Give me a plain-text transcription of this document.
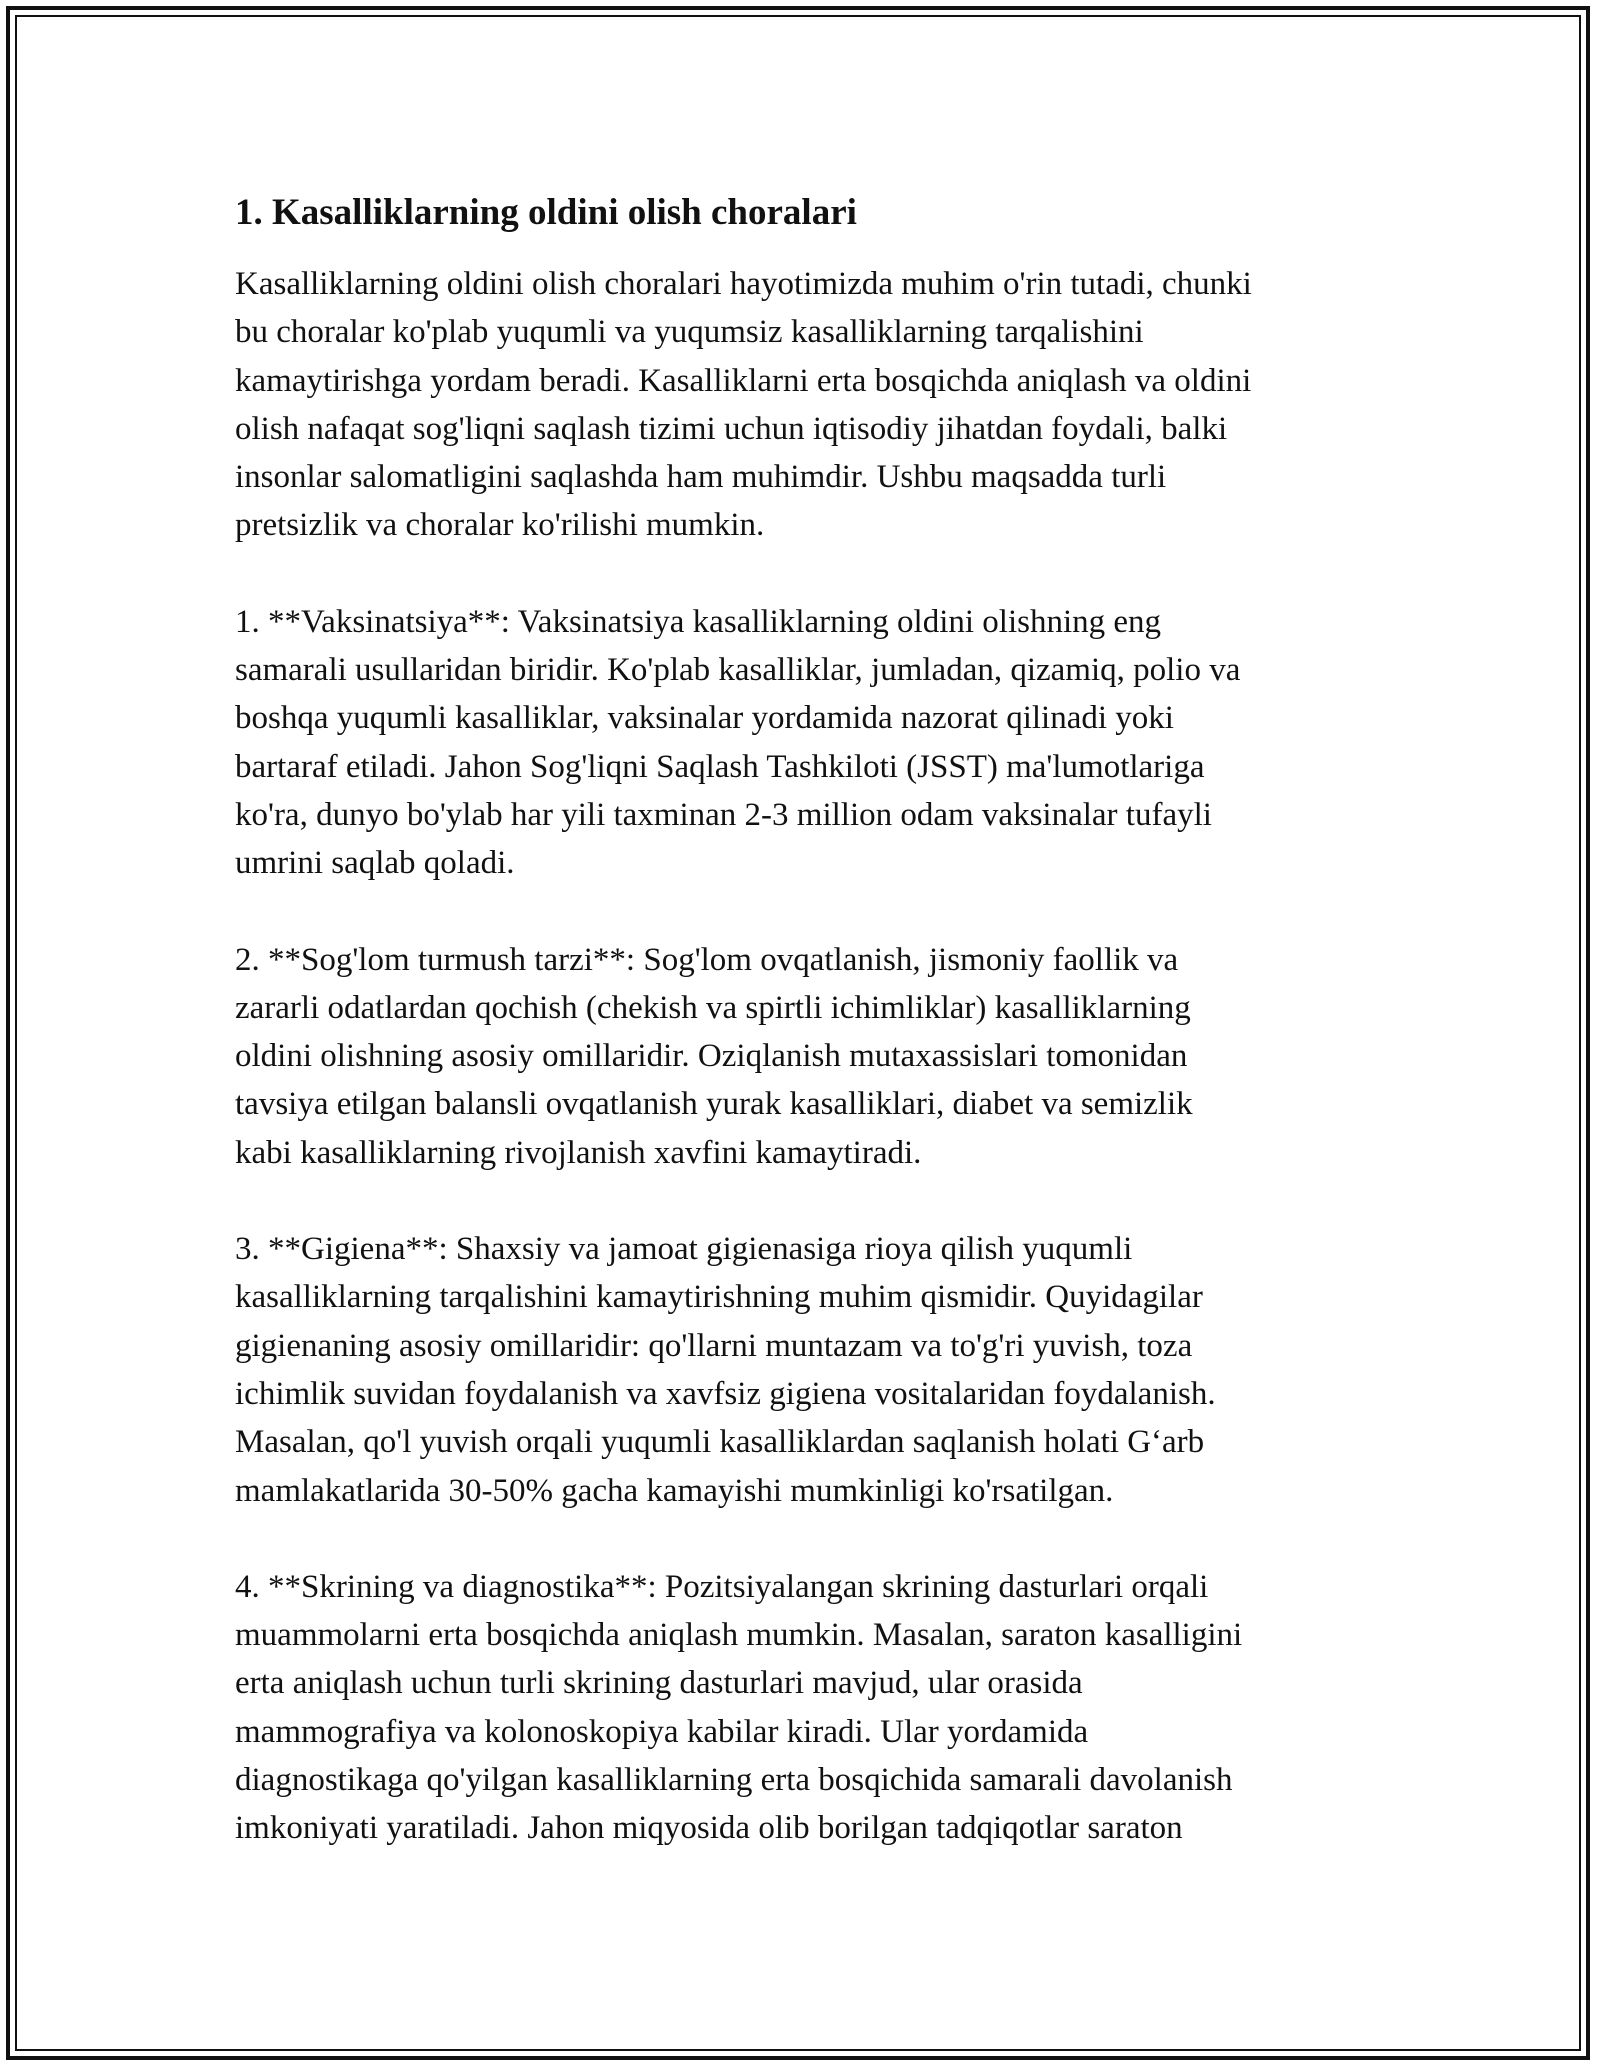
1. Kasalliklarning oldini olish choralari

Kasalliklarning oldini olish choralari hayotimizda muhim o'rin tutadi, chunki
bu choralar ko'plab yuqumli va yuqumsiz kasalliklarning tarqalishini
kamaytirishga yordam beradi. Kasalliklarni erta bosqichda aniqlash va oldini
olish nafaqat sog'liqni saqlash tizimi uchun iqtisodiy jihatdan foydali, balki
insonlar salomatligini saqlashda ham muhimdir. Ushbu maqsadda turli
pretsizlik va choralar ko'rilishi mumkin.

1. **Vaksinatsiya**: Vaksinatsiya kasalliklarning oldini olishning eng
samarali usullaridan biridir. Ko'plab kasalliklar, jumladan, qizamiq, polio va
boshqa yuqumli kasalliklar, vaksinalar yordamida nazorat qilinadi yoki
bartaraf etiladi. Jahon Sog'liqni Saqlash Tashkiloti (JSST) ma'lumotlariga
ko'ra, dunyo bo'ylab har yili taxminan 2-3 million odam vaksinalar tufayli
umrini saqlab qoladi.

2. **Sog'lom turmush tarzi**: Sog'lom ovqatlanish, jismoniy faollik va
zararli odatlardan qochish (chekish va spirtli ichimliklar) kasalliklarning
oldini olishning asosiy omillaridir. Oziqlanish mutaxassislari tomonidan
tavsiya etilgan balansli ovqatlanish yurak kasalliklari, diabet va semizlik
kabi kasalliklarning rivojlanish xavfini kamaytiradi.

3. **Gigiena**: Shaxsiy va jamoat gigienasiga rioya qilish yuqumli
kasalliklarning tarqalishini kamaytirishning muhim qismidir. Quyidagilar
gigienaning asosiy omillaridir: qo'llarni muntazam va to'g'ri yuvish, toza
ichimlik suvidan foydalanish va xavfsiz gigiena vositalaridan foydalanish.
Masalan, qo'l yuvish orqali yuqumli kasalliklardan saqlanish holati G‘arb
mamlakatlarida 30-50% gacha kamayishi mumkinligi ko'rsatilgan.

4. **Skrining va diagnostika**: Pozitsiyalangan skrining dasturlari orqali
muammolarni erta bosqichda aniqlash mumkin. Masalan, saraton kasalligini
erta aniqlash uchun turli skrining dasturlari mavjud, ular orasida
mammografiya va kolonoskopiya kabilar kiradi. Ular yordamida
diagnostikaga qo'yilgan kasalliklarning erta bosqichida samarali davolanish
imkoniyati yaratiladi. Jahon miqyosida olib borilgan tadqiqotlar saraton
